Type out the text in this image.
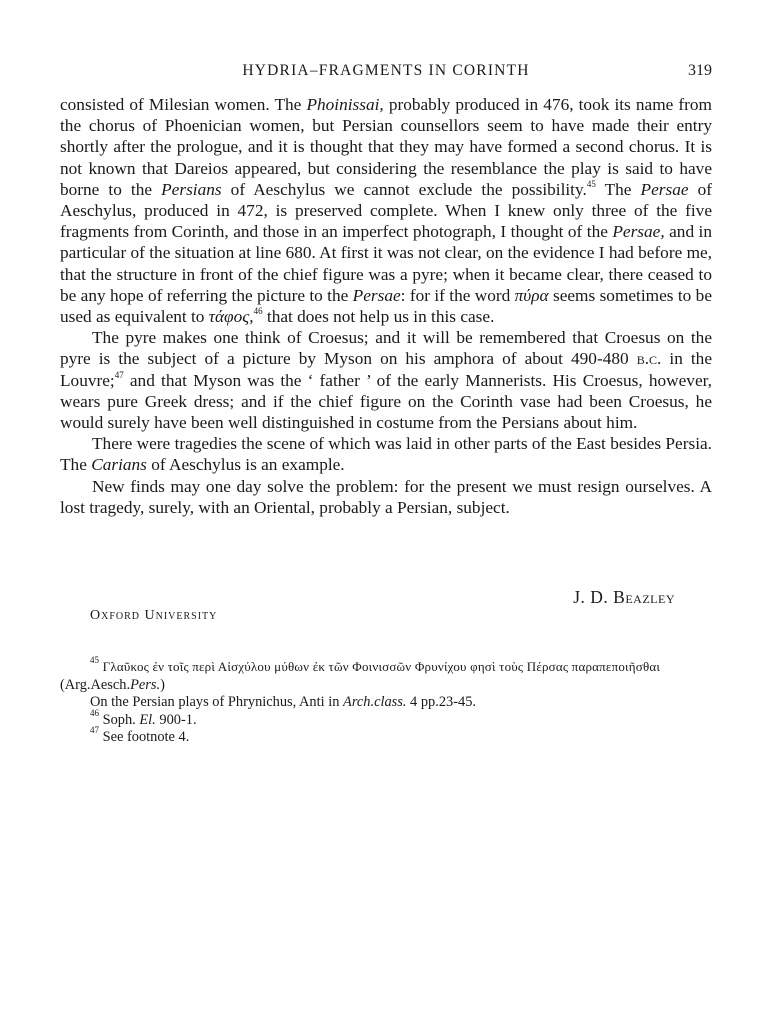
HYDRIA–FRAGMENTS IN CORINTH	319

consisted of Milesian women. The Phoinissai, probably produced in 476, took its name from the chorus of Phoenician women, but Persian counsellors seem to have made their entry shortly after the prologue, and it is thought that they may have formed a second chorus. It is not known that Dareios appeared, but considering the resemblance the play is said to have borne to the Persians of Aeschylus we cannot exclude the possibility.$^{45}$ The Persae of Aeschylus, produced in 472, is preserved complete. When I knew only three of the five fragments from Corinth, and those in an imperfect photograph, I thought of the Persae, and in particular of the situation at line 680. At first it was not clear, on the evidence I had before me, that the structure in front of the chief figure was a pyre; when it became clear, there ceased to be any hope of referring the picture to the Persae: for if the word πύρα seems sometimes to be used as equivalent to τάφος,$^{46}$ that does not help us in this case.

The pyre makes one think of Croesus; and it will be remembered that Croesus on the pyre is the subject of a picture by Myson on his amphora of about 490-480 b.c. in the Louvre;$^{47}$ and that Myson was the ‘ father ’ of the early Mannerists. His Croesus, however, wears pure Greek dress; and if the chief figure on the Corinth vase had been Croesus, he would surely have been well distinguished in costume from the Persians about him.

There were tragedies the scene of which was laid in other parts of the East besides Persia. The Carians of Aeschylus is an example.

New finds may one day solve the problem: for the present we must resign ourselves. A lost tragedy, surely, with an Oriental, probably a Persian, subject.

J. D. Beazley
Oxford University
$^{45}$ Γλαῦκος ἐν τοῖς περὶ Αἰσχύλου μύθων ἐκ τῶν Φοινισσῶν Φρυνίχου φησὶ τοὺς Πέρσας παραπεποιῆσθαι
(Arg.Aesch.Pers.)
On the Persian plays of Phrynichus, Anti in Arch.class. 4 pp.23-45.
$^{46}$ Soph. El. 900-1.
$^{47}$ See footnote 4.
